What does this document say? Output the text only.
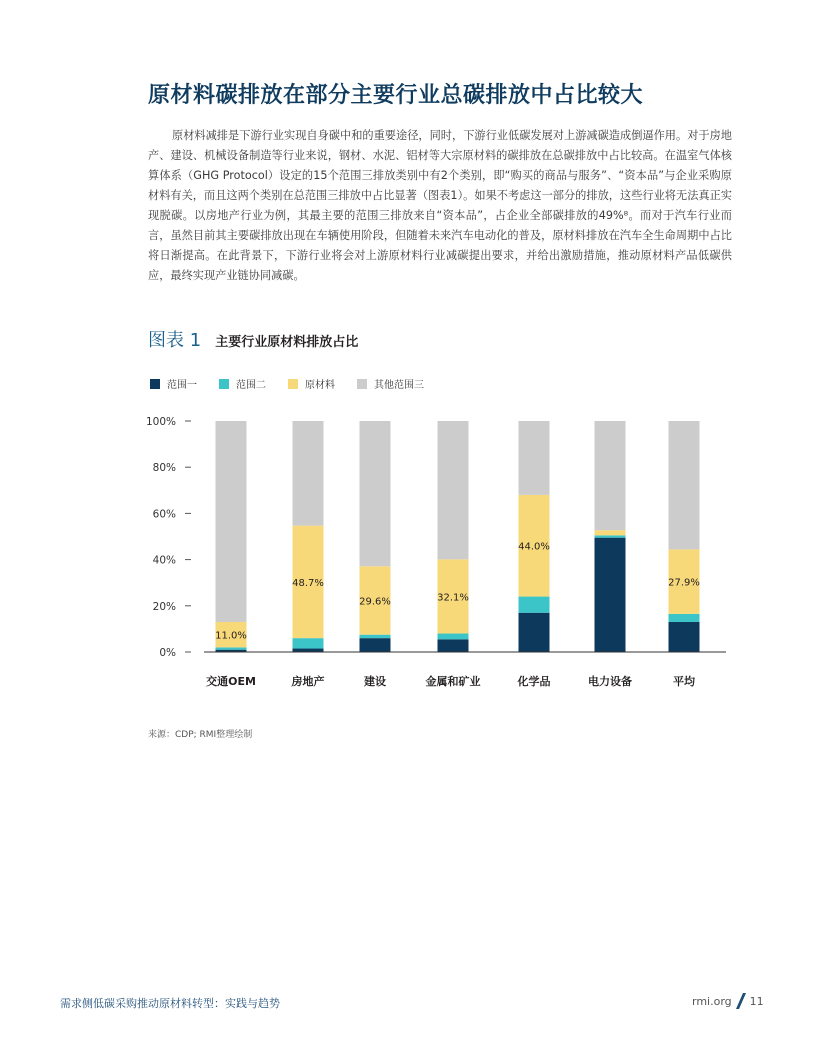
原材料碳排放在部分主要行业总碳排放中占比较大
原材料减排是下游行业实现自身碳中和的重要途径，同时，下游行业低碳发展对上游减碳造成倒逼作用。对于房地产、建设、机械设备制造等行业来说，钢材、水泥、铝材等大宗原材料的碳排放在总碳排放中占比较高。在温室气体核算体系（GHG Protocol）设定的15个范围三排放类别中有2个类别，即“购买的商品与服务”、“资本品”与企业采购原材料有关，而且这两个类别在总范围三排放中占比显著（图表1）。如果不考虑这一部分的排放，这些行业将无法真正实现脱碳。以房地产行业为例，其最主要的范围三排放来自“资本品”，占企业全部碳排放的49%⁸。而对于汽车行业而言，虽然目前其主要碳排放出现在车辆使用阶段，但随着未来汽车电动化的普及，原材料排放在汽车全生命周期中占比将日渐提高。在此背景下，下游行业将会对上游原材料行业减碳提出要求，并给出激励措施，推动原材料产品低碳供应，最终实现产业链协同减碳。
图表 1 主要行业原材料排放占比
范围一	范围二	原材料	其他范围三
0%
20%
40%
60%
80%
100%
11.0%
交通OEM
48.7%
房地产
29.6%
建设
32.1%
金属和矿业
44.0%
化学品	电力设备
27.9%
平均
来源：CDP; RMI整理绘制
需求侧低碳采购推动原材料转型：实践与趋势	rmi.org 11
